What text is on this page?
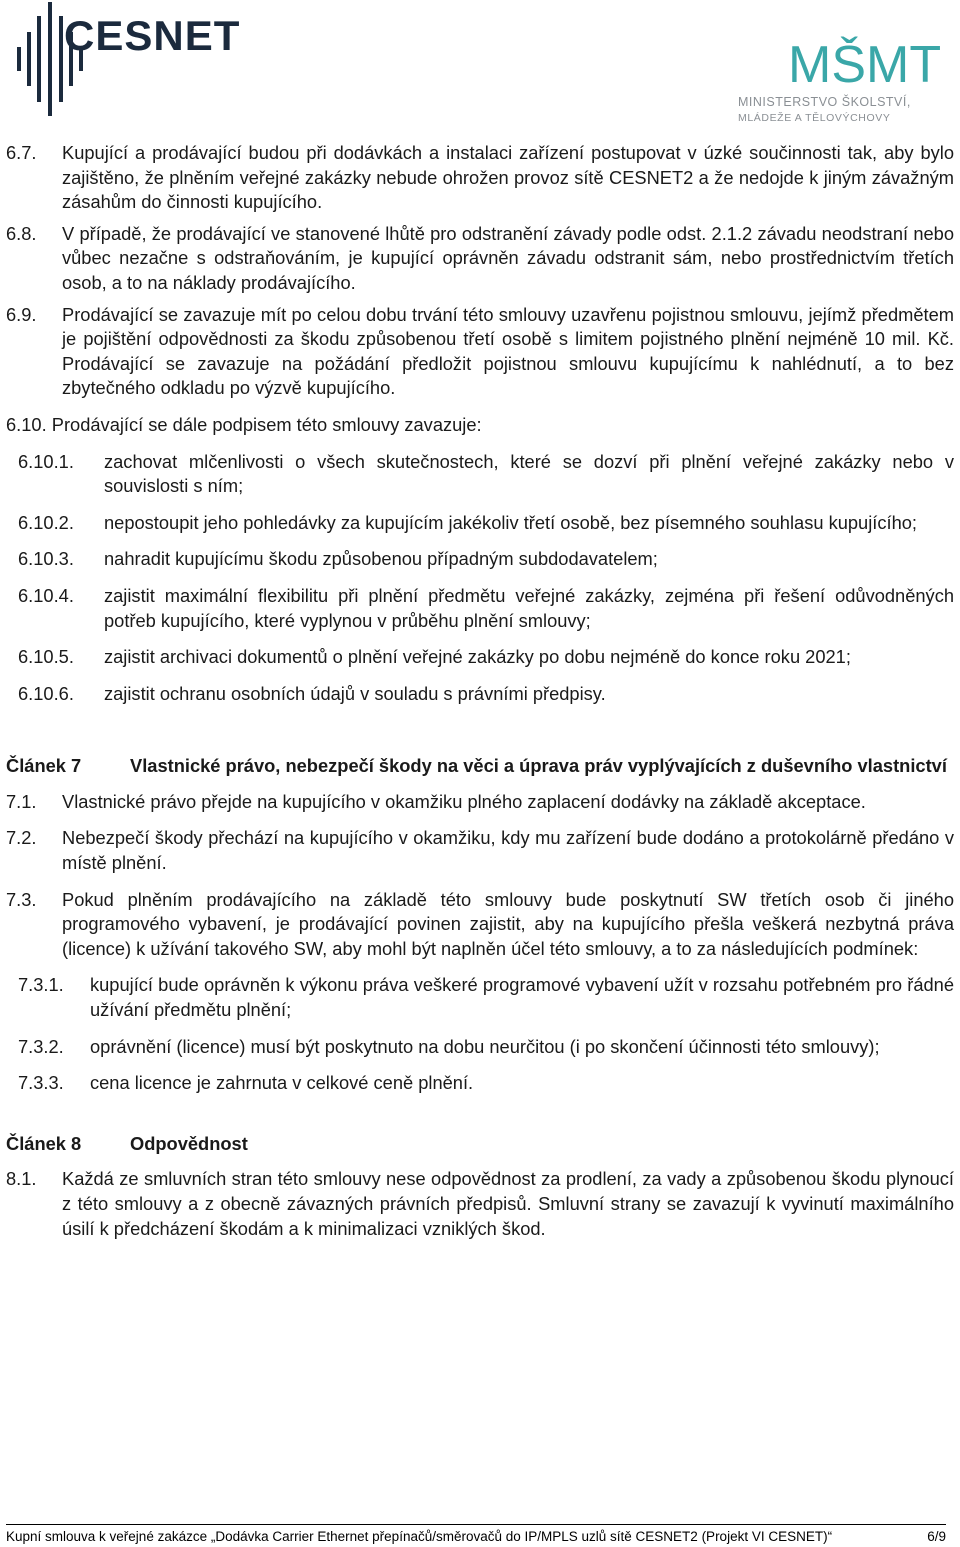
CESNET
MŠMT
MINISTERSTVO ŠKOLSTVÍ,
MLÁDEŽE A TĚLOVÝCHOVY
6.7. Kupující a prodávající budou při dodávkách a instalaci zařízení postupovat v úzké součinnosti tak, aby bylo zajištěno, že plněním veřejné zakázky nebude ohrožen provoz sítě CESNET2 a že nedojde k jiným závažným zásahům do činnosti kupujícího.
6.8. V případě, že prodávající ve stanovené lhůtě pro odstranění závady podle odst. 2.1.2 závadu neodstraní nebo vůbec nezačne s odstraňováním, je kupující oprávněn závadu odstranit sám, nebo prostřednictvím třetích osob, a to na náklady prodávajícího.
6.9. Prodávající se zavazuje mít po celou dobu trvání této smlouvy uzavřenu pojistnou smlouvu, jejímž předmětem je pojištění odpovědnosti za škodu způsobenou třetí osobě s limitem pojistného plnění nejméně 10 mil. Kč. Prodávající se zavazuje na požádání předložit pojistnou smlouvu kupujícímu k nahlédnutí, a to bez zbytečného odkladu po výzvě kupujícího.
6.10. Prodávající se dále podpisem této smlouvy zavazuje:
6.10.1. zachovat mlčenlivosti o všech skutečnostech, které se dozví při plnění veřejné zakázky nebo v souvislosti s ním;
6.10.2. nepostoupit jeho pohledávky za kupujícím jakékoliv třetí osobě, bez písemného souhlasu kupujícího;
6.10.3. nahradit kupujícímu škodu způsobenou případným subdodavatelem;
6.10.4. zajistit maximální flexibilitu při plnění předmětu veřejné zakázky, zejména při řešení odůvodněných potřeb kupujícího, které vyplynou v průběhu plnění smlouvy;
6.10.5. zajistit archivaci dokumentů o plnění veřejné zakázky po dobu nejméně do konce roku 2021;
6.10.6. zajistit ochranu osobních údajů v souladu s právními předpisy.
Článek 7	Vlastnické právo, nebezpečí škody na věci a úprava práv vyplývajících z duševního vlastnictví
7.1. Vlastnické právo přejde na kupujícího v okamžiku plného zaplacení dodávky na základě akceptace.
7.2. Nebezpečí škody přechází na kupujícího v okamžiku, kdy mu zařízení bude dodáno a protokolárně předáno v místě plnění.
7.3. Pokud plněním prodávajícího na základě této smlouvy bude poskytnutí SW třetích osob či jiného programového vybavení, je prodávající povinen zajistit, aby na kupujícího přešla veškerá nezbytná práva (licence) k užívání takového SW, aby mohl být naplněn účel této smlouvy, a to za následujících podmínek:
7.3.1. kupující bude oprávněn k výkonu práva veškeré programové vybavení užít v rozsahu potřebném pro řádné užívání předmětu plnění;
7.3.2. oprávnění (licence) musí být poskytnuto na dobu neurčitou (i po skončení účinnosti této smlouvy);
7.3.3. cena licence je zahrnuta v celkové ceně plnění.
Článek 8	Odpovědnost
8.1. Každá ze smluvních stran této smlouvy nese odpovědnost za prodlení, za vady a způsobenou škodu plynoucí z této smlouvy a z obecně závazných právních předpisů. Smluvní strany se zavazují k vyvinutí maximálního úsilí k předcházení škodám a k minimalizaci vzniklých škod.
Kupní smlouva k veřejné zakázce „Dodávka Carrier Ethernet přepínačů/směrovačů do IP/MPLS uzlů sítě CESNET2 (Projekt VI CESNET)“	6/9
